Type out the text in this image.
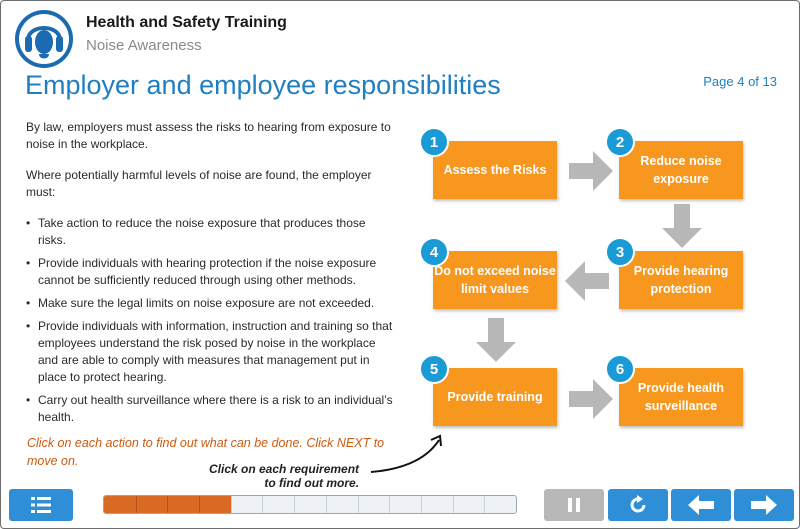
Health and Safety Training
Noise Awareness
Employer and employee responsibilities	Page 4 of 13

By law, employers must assess the risks to hearing from exposure to noise in the workplace.

Where potentially harmful levels of noise are found, the employer must:

• Take action to reduce the noise exposure that produces those risks.
• Provide individuals with hearing protection if the noise exposure cannot be sufficiently reduced through using other methods.
• Make sure the legal limits on noise exposure are not exceeded.
• Provide individuals with information, instruction and training so that employees understand the risk posed by noise in the workplace and are able to comply with measures that management put in place to protect hearing.
• Carry out health surveillance where there is a risk to an individual’s health.
Click on each action to find out what can be done. Click NEXT to move on.
Click on each requirement
to find out more.
Assess the Risks
1
Reduce noise exposure
2
Provide hearing protection
3
Do not exceed noise limit values
4
Provide training
5
Provide health surveillance
6
